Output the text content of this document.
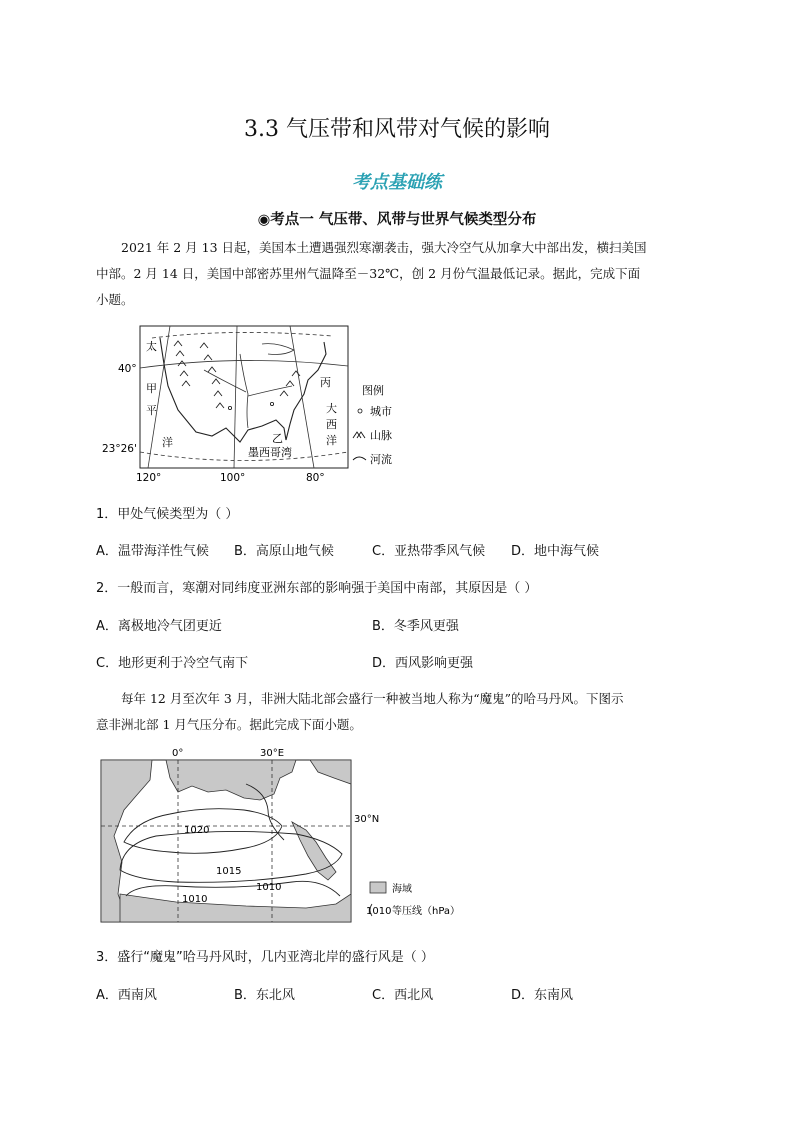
3.3 气压带和风带对气候的影响
考点基础练
◉考点一 气压带、风带与世界气候类型分布
2021 年 2 月 13 日起，美国本土遭遇强烈寒潮袭击，强大冷空气从加拿大中部出发，横扫美国
中部。2 月 14 日，美国中部密苏里州气温降至－32℃，创 2 月份气温最低记录。据此，完成下面
小题。
太
甲
平
洋
丙
乙
墨西哥湾
大
西
洋
40°
23°26'
120°	100°	80°
图例
城市
山脉
河流
1．甲处气候类型为（ ）
A．温带海洋性气候 B．高原山地气候	C．亚热带季风气候 D．地中海气候
2．一般而言，寒潮对同纬度亚洲东部的影响强于美国中南部，其原因是（ ）
A．离极地冷气团更近	B．冬季风更强
C．地形更利于冷空气南下	D．西风影响更强
每年 12 月至次年 3 月，非洲大陆北部会盛行一种被当地人称为“魔鬼”的哈马丹风。下图示
意非洲北部 1 月气压分布。据此完成下面小题。
0°	30°E
30°N
1020
1015
1010
1010
海域
1010 等压线（hPa）
3．盛行“魔鬼”哈马丹风时，几内亚湾北岸的盛行风是（ ）
A．西南风	B．东北风	C．西北风	D．东南风
